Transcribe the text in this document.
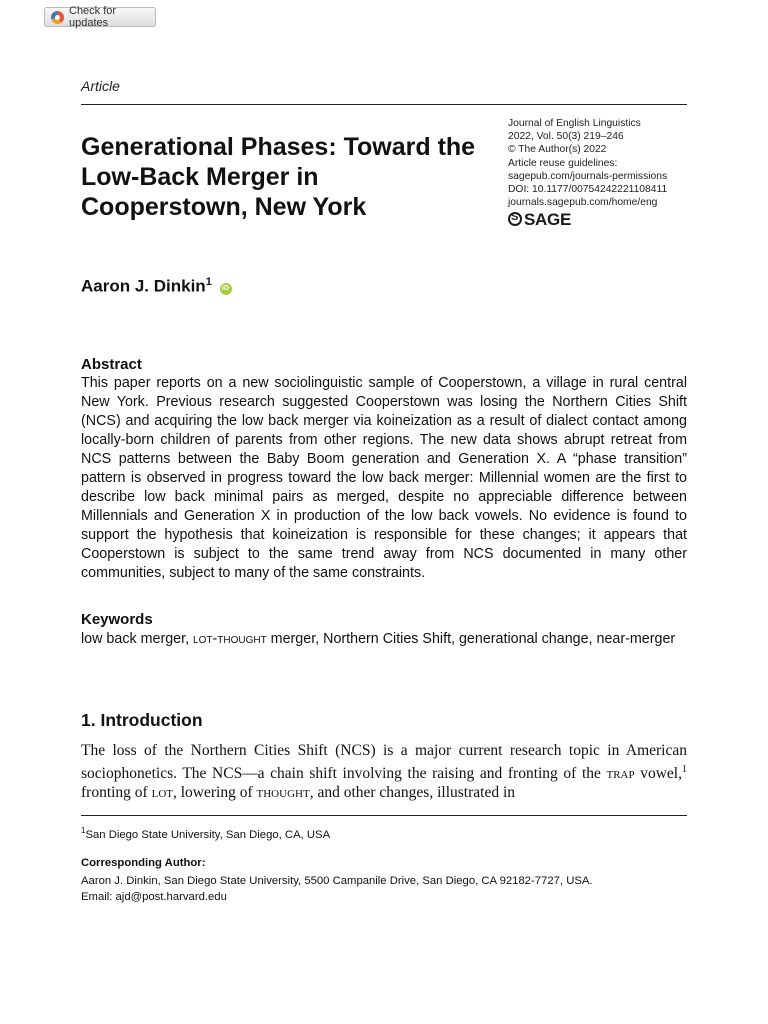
Check for updates
Article
Generational Phases: Toward the Low-Back Merger in Cooperstown, New York
Journal of English Linguistics
2022, Vol. 50(3) 219–246
© The Author(s) 2022
Article reuse guidelines:
sagepub.com/journals-permissions
DOI: 10.1177/00754242221108411
journals.sagepub.com/home/eng
S
SAGE
Aaron J. Dinkin$^1$ iD
Abstract

This paper reports on a new sociolinguistic sample of Cooperstown, a village in rural central New York. Previous research suggested Cooperstown was losing the Northern Cities Shift (NCS) and acquiring the low back merger via koineization as a result of dialect contact among locally-born children of parents from other regions. The new data shows abrupt retreat from NCS patterns between the Baby Boom generation and Generation X. A “phase transition” pattern is observed in progress toward the low back merger: Millennial women are the first to describe low back minimal pairs as merged, despite no appreciable difference between Millennials and Generation X in production of the low back vowels. No evidence is found to support the hypothesis that koineization is responsible for these changes; it appears that Cooperstown is subject to the same trend away from NCS documented in many other communities, subject to many of the same constraints.

Keywords

low back merger, lot-thought merger, Northern Cities Shift, generational change, near-merger

1. Introduction

The loss of the Northern Cities Shift (NCS) is a major current research topic in American sociophonetics. The NCS—a chain shift involving the raising and fronting of the trap vowel,$^1$ fronting of lot, lowering of thought, and other changes, illustrated in

$^1$San Diego State University, San Diego, CA, USA
Corresponding Author:
Aaron J. Dinkin, San Diego State University, 5500 Campanile Drive, San Diego, CA 92182-7727, USA.
Email: ajd@post.harvard.edu
